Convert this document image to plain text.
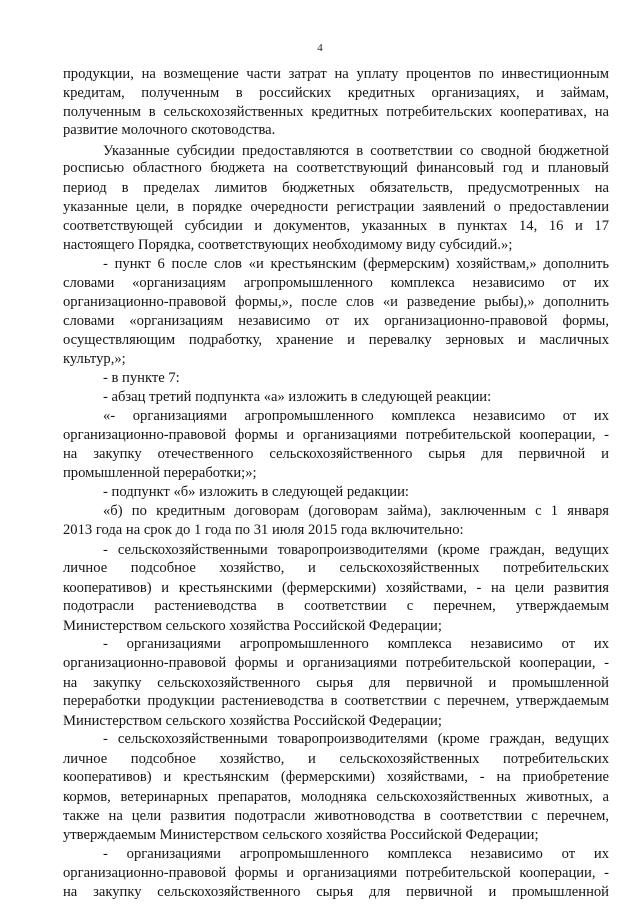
4
продукции, на возмещение части затрат на уплату процентов по инвестиционным
кредитам, полученным в российских кредитных организациях, и займам,
полученным в сельскохозяйственных кредитных потребительских кооперативах, на
развитие молочного скотоводства.
Указанные субсидии предоставляются в соответствии со сводной бюджетной
росписью областного бюджета на соответствующий финансовый год и плановый
период в пределах лимитов бюджетных обязательств, предусмотренных на
указанные цели, в порядке очередности регистрации заявлений о предоставлении
соответствующей субсидии и документов, указанных в пунктах 14, 16 и 17
настоящего Порядка, соответствующих необходимому виду субсидий.»;
- пункт 6 после слов «и крестьянским (фермерским) хозяйствам,» дополнить
словами «организациям агропромышленного комплекса независимо от их
организационно-правовой формы,», после слов «и разведение рыбы),» дополнить
словами «организациям независимо от их организационно-правовой формы,
осуществляющим подработку, хранение и перевалку зерновых и масличных
культур,»;
- в пункте 7:
- абзац третий подпункта «а» изложить в следующей реакции:
«- организациями агропромышленного комплекса независимо от их
организационно-правовой формы и организациями потребительской кооперации, -
на закупку отечественного сельскохозяйственного сырья для первичной и
промышленной переработки;»;
- подпункт «б» изложить в следующей редакции:
«б) по кредитным договорам (договорам займа), заключенным с 1 января
2013 года на срок до 1 года по 31 июля 2015 года включительно:
- сельскохозяйственными товаропроизводителями (кроме граждан, ведущих
личное подсобное хозяйство, и сельскохозяйственных потребительских
кооперативов) и крестьянскими (фермерскими) хозяйствами, - на цели развития
подотрасли растениеводства в соответствии с перечнем, утверждаемым
Министерством сельского хозяйства Российской Федерации;
- организациями агропромышленного комплекса независимо от их
организационно-правовой формы и организациями потребительской кооперации, -
на закупку сельскохозяйственного сырья для первичной и промышленной
переработки продукции растениеводства в соответствии с перечнем, утверждаемым
Министерством сельского хозяйства Российской Федерации;
- сельскохозяйственными товаропроизводителями (кроме граждан, ведущих
личное подсобное хозяйство, и сельскохозяйственных потребительских
кооперативов) и крестьянским (фермерскими) хозяйствами, - на приобретение
кормов, ветеринарных препаратов, молодняка сельскохозяйственных животных, а
также на цели развития подотрасли животноводства в соответствии с перечнем,
утверждаемым Министерством сельского хозяйства Российской Федерации;
- организациями агропромышленного комплекса независимо от их
организационно-правовой формы и организациями потребительской кооперации, -
на закупку сельскохозяйственного сырья для первичной и промышленной
